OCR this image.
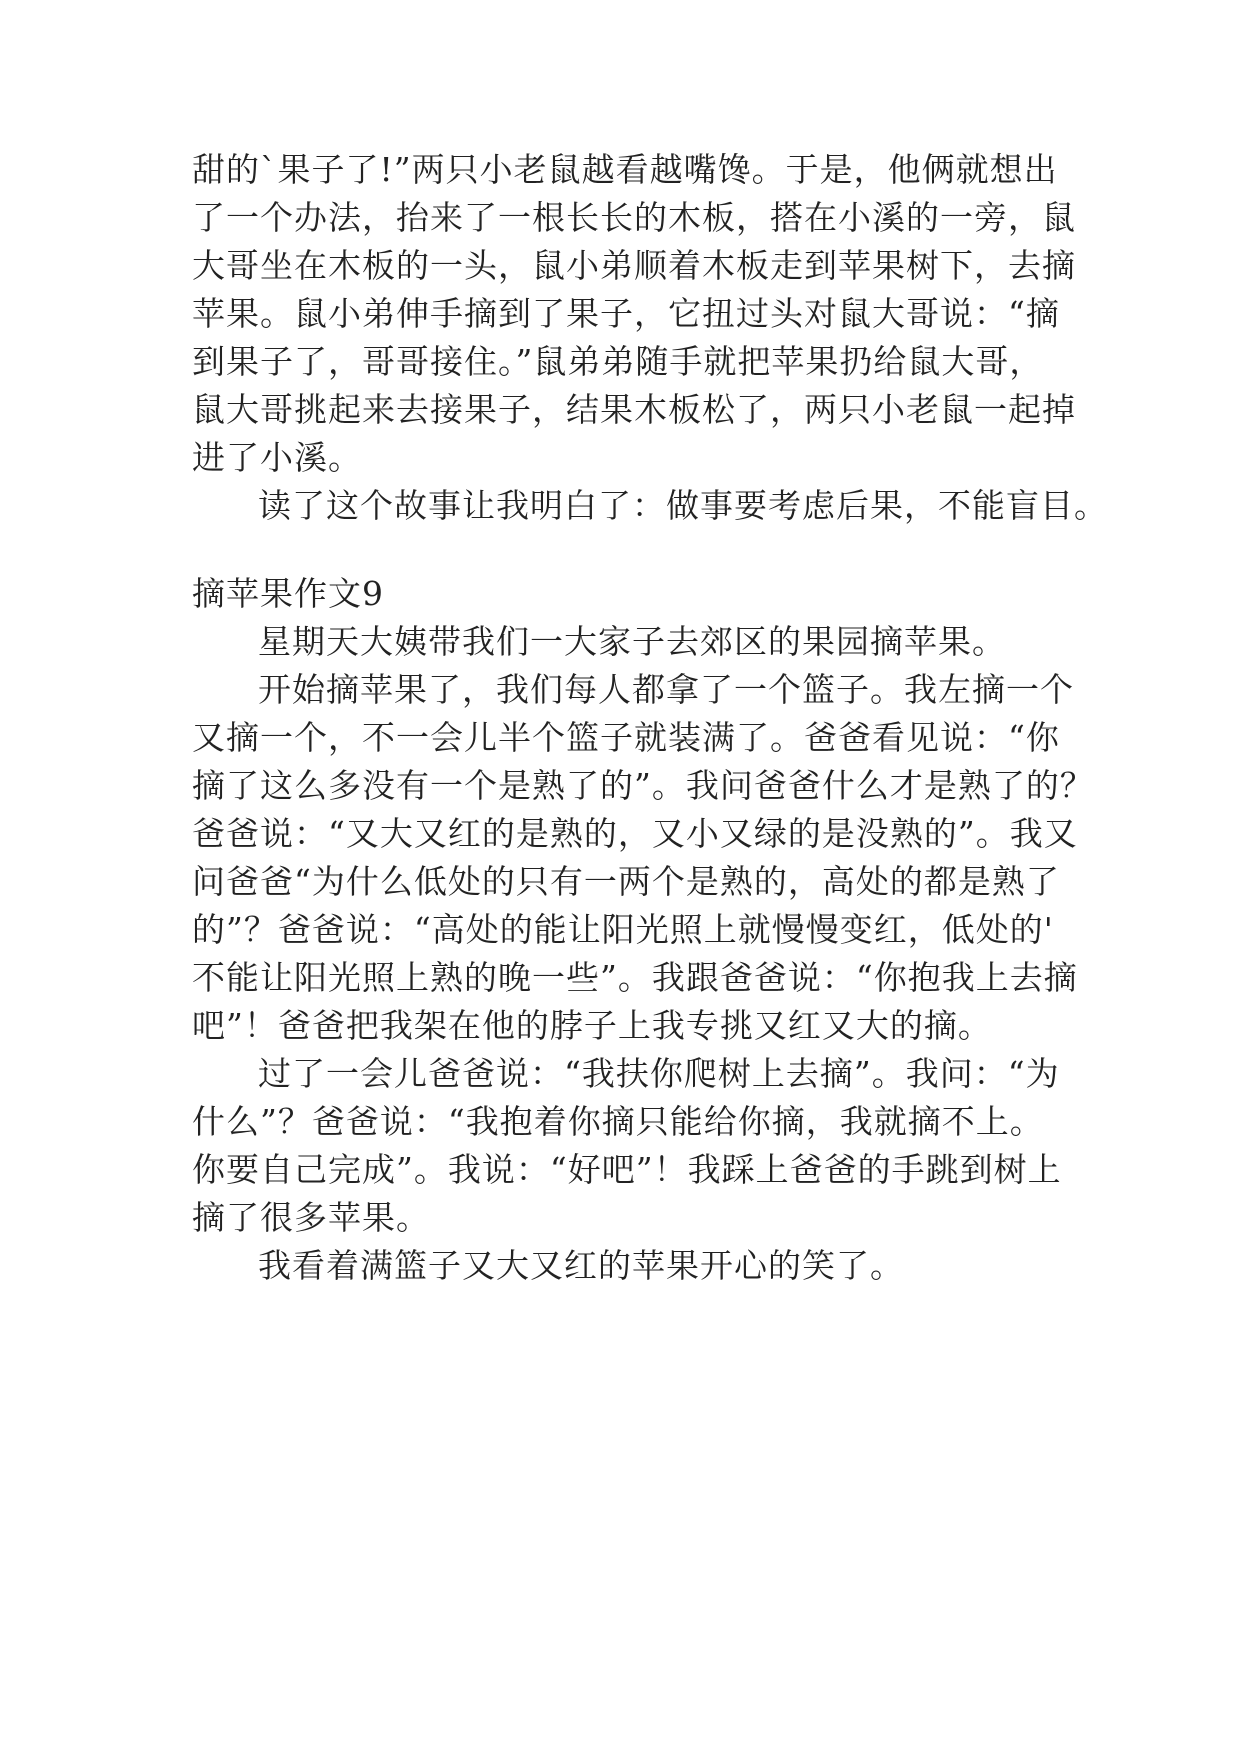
甜的`果子了!”两只小老鼠越看越嘴馋。于是，他俩就想出
了一个办法，抬来了一根长长的木板，搭在小溪的一旁，鼠
大哥坐在木板的一头，鼠小弟顺着木板走到苹果树下，去摘
苹果。鼠小弟伸手摘到了果子，它扭过头对鼠大哥说：“摘
到果子了，哥哥接住。”鼠弟弟随手就把苹果扔给鼠大哥，
鼠大哥挑起来去接果子，结果木板松了，两只小老鼠一起掉
进了小溪。
读了这个故事让我明白了：做事要考虑后果，不能盲目。
摘苹果作文9
星期天大姨带我们一大家子去郊区的果园摘苹果。
开始摘苹果了，我们每人都拿了一个篮子。我左摘一个
又摘一个，不一会儿半个篮子就装满了。爸爸看见说：“你
摘了这么多没有一个是熟了的”。我问爸爸什么才是熟了的？
爸爸说：“又大又红的是熟的，又小又绿的是没熟的”。我又
问爸爸“为什么低处的只有一两个是熟的，高处的都是熟了
的”？爸爸说：“高处的能让阳光照上就慢慢变红，低处的'
不能让阳光照上熟的晚一些”。我跟爸爸说：“你抱我上去摘
吧”！爸爸把我架在他的脖子上我专挑又红又大的摘。
过了一会儿爸爸说：“我扶你爬树上去摘”。我问：“为
什么”？爸爸说：“我抱着你摘只能给你摘，我就摘不上。
你要自己完成”。我说：“好吧”！我踩上爸爸的手跳到树上
摘了很多苹果。
我看着满篮子又大又红的苹果开心的笑了。
